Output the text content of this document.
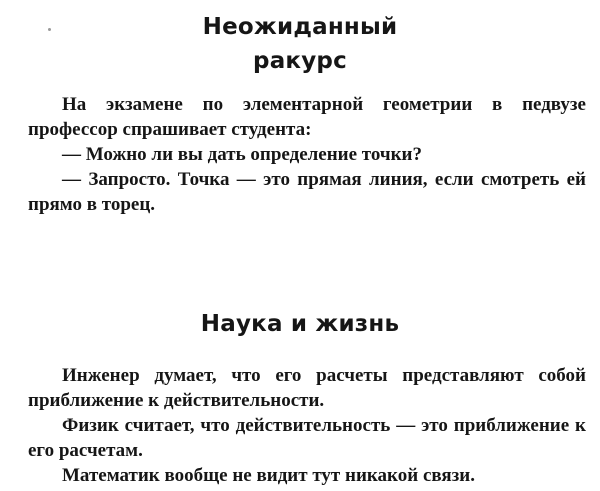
Неожиданный
ракурс

На экзамене по элементарной геометрии в педвузе профессор спрашивает студента:

— Можно ли вы дать определение точки?

— Запросто. Точка — это прямая линия, если смотреть ей прямо в торец.

Наука и жизнь

Инженер думает, что его расчеты представляют собой приближение к действительности.

Физик считает, что действительность — это приближение к его расчетам.

Математик вообще не видит тут никакой связи.
